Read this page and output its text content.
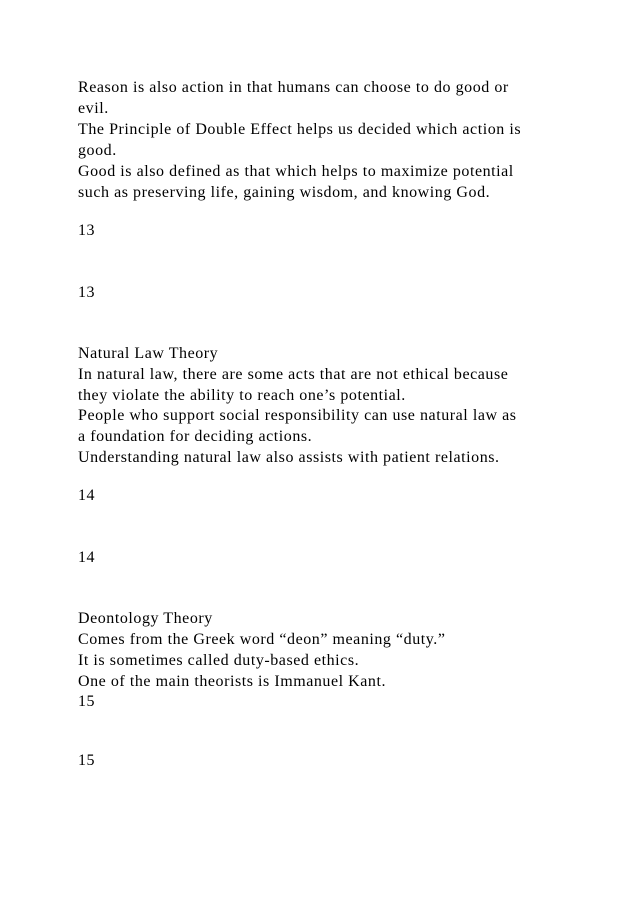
Reason is also action in that humans can choose to do good or

evil.

The Principle of Double Effect helps us decided which action is

good.

Good is also defined as that which helps to maximize potential

such as preserving life, gaining wisdom, and knowing God.

13

13

Natural Law Theory

In natural law, there are some acts that are not ethical because

they violate the ability to reach one’s potential.

People who support social responsibility can use natural law as

a foundation for deciding actions.

Understanding natural law also assists with patient relations.

14

14

Deontology Theory

Comes from the Greek word “deon” meaning “duty.”

It is sometimes called duty-based ethics.

One of the main theorists is Immanuel Kant.

15

15
